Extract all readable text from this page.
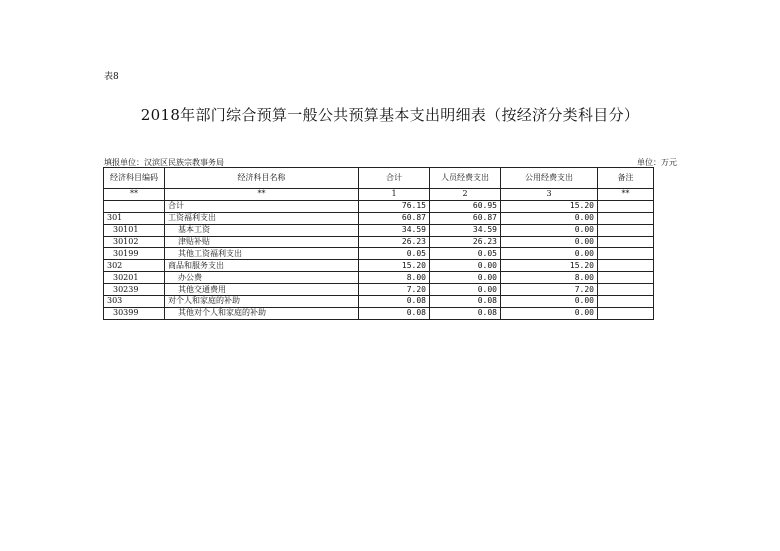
表8
2018年部门综合预算一般公共预算基本支出明细表（按经济分类科目分）
填报单位：汉滨区民族宗教事务局	单位：万元
经济科目编码	经济科目名称	合计	人员经费支出	公用经费支出	备注
**	**	1	2	3	**
	合计	76.15	60.95	15.20	
301	工资福利支出	60.87	60.87	0.00	
30101	基本工资	34.59	34.59	0.00	
30102	津贴补贴	26.23	26.23	0.00	
30199	其他工资福利支出	0.05	0.05	0.00	
302	商品和服务支出	15.20	0.00	15.20	
30201	办公费	8.00	0.00	8.00	
30239	其他交通费用	7.20	0.00	7.20	
303	对个人和家庭的补助	0.08	0.08	0.00	
30399	其他对个人和家庭的补助	0.08	0.08	0.00	
